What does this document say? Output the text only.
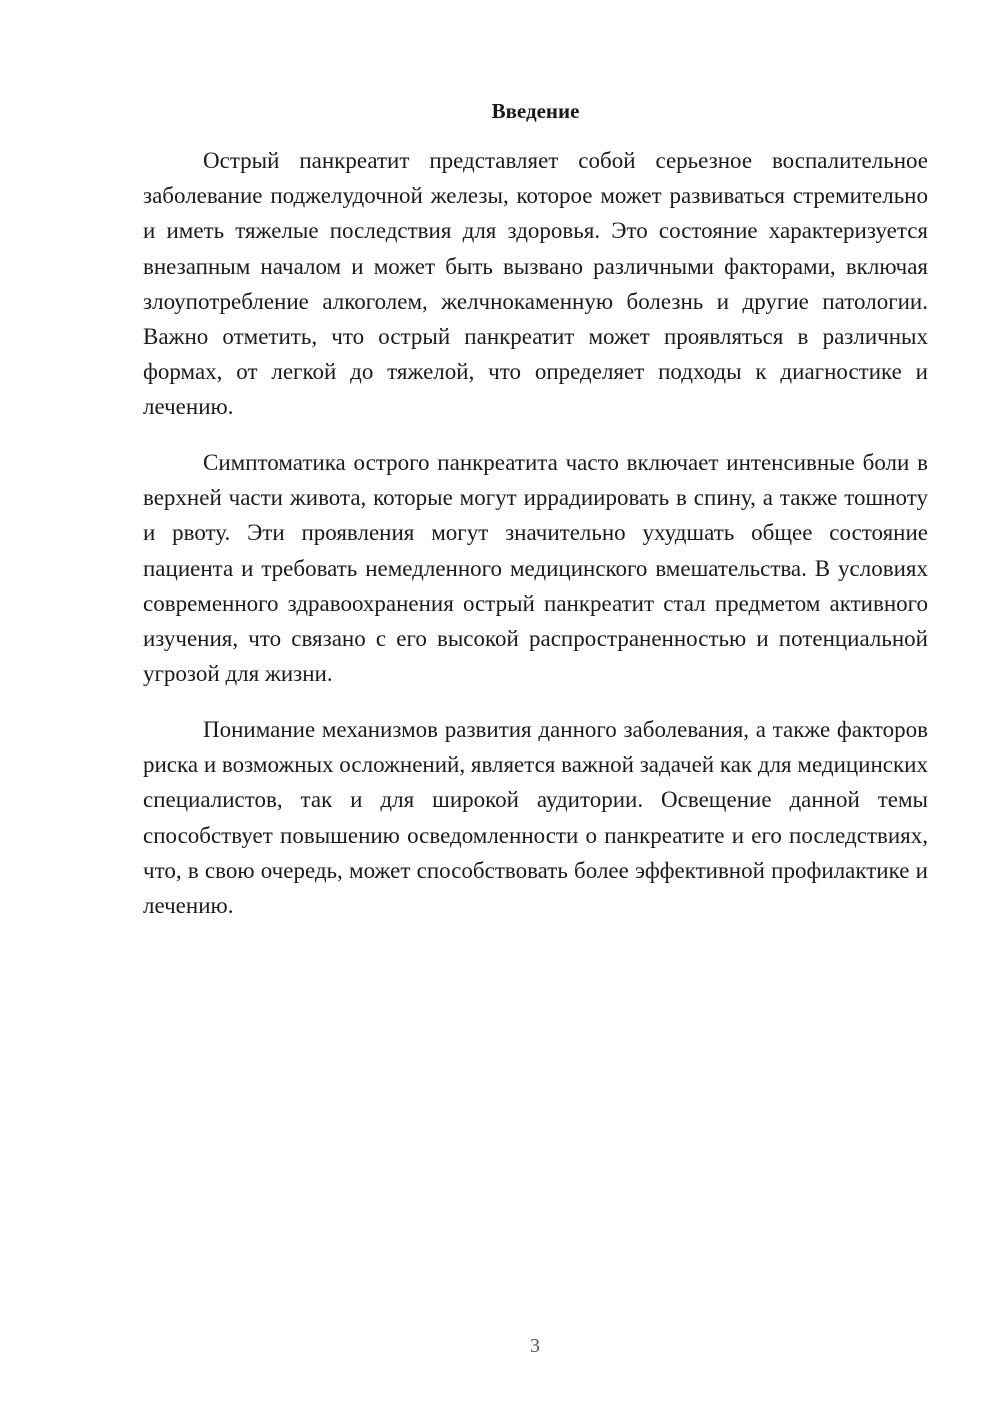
Введение

Острый панкреатит представляет собой серьезное воспалительное заболевание поджелудочной железы, которое может развиваться стремительно и иметь тяжелые последствия для здоровья. Это состояние характеризуется внезапным началом и может быть вызвано различными факторами, включая злоупотребление алкоголем, желчнокаменную болезнь и другие патологии. Важно отметить, что острый панкреатит может проявляться в различных формах, от легкой до тяжелой, что определяет подходы к диагностике и лечению.

Симптоматика острого панкреатита часто включает интенсивные боли в верхней части живота, которые могут иррадиировать в спину, а также тошноту и рвоту. Эти проявления могут значительно ухудшать общее состояние пациента и требовать немедленного медицинского вмешательства. В условиях современного здравоохранения острый панкреатит стал предметом активного изучения, что связано с его высокой распространенностью и потенциальной угрозой для жизни.

Понимание механизмов развития данного заболевания, а также факторов риска и возможных осложнений, является важной задачей как для медицинских специалистов, так и для широкой аудитории. Освещение данной темы способствует повышению осведомленности о панкреатите и его последствиях, что, в свою очередь, может способствовать более эффективной профилактике и лечению.

3
